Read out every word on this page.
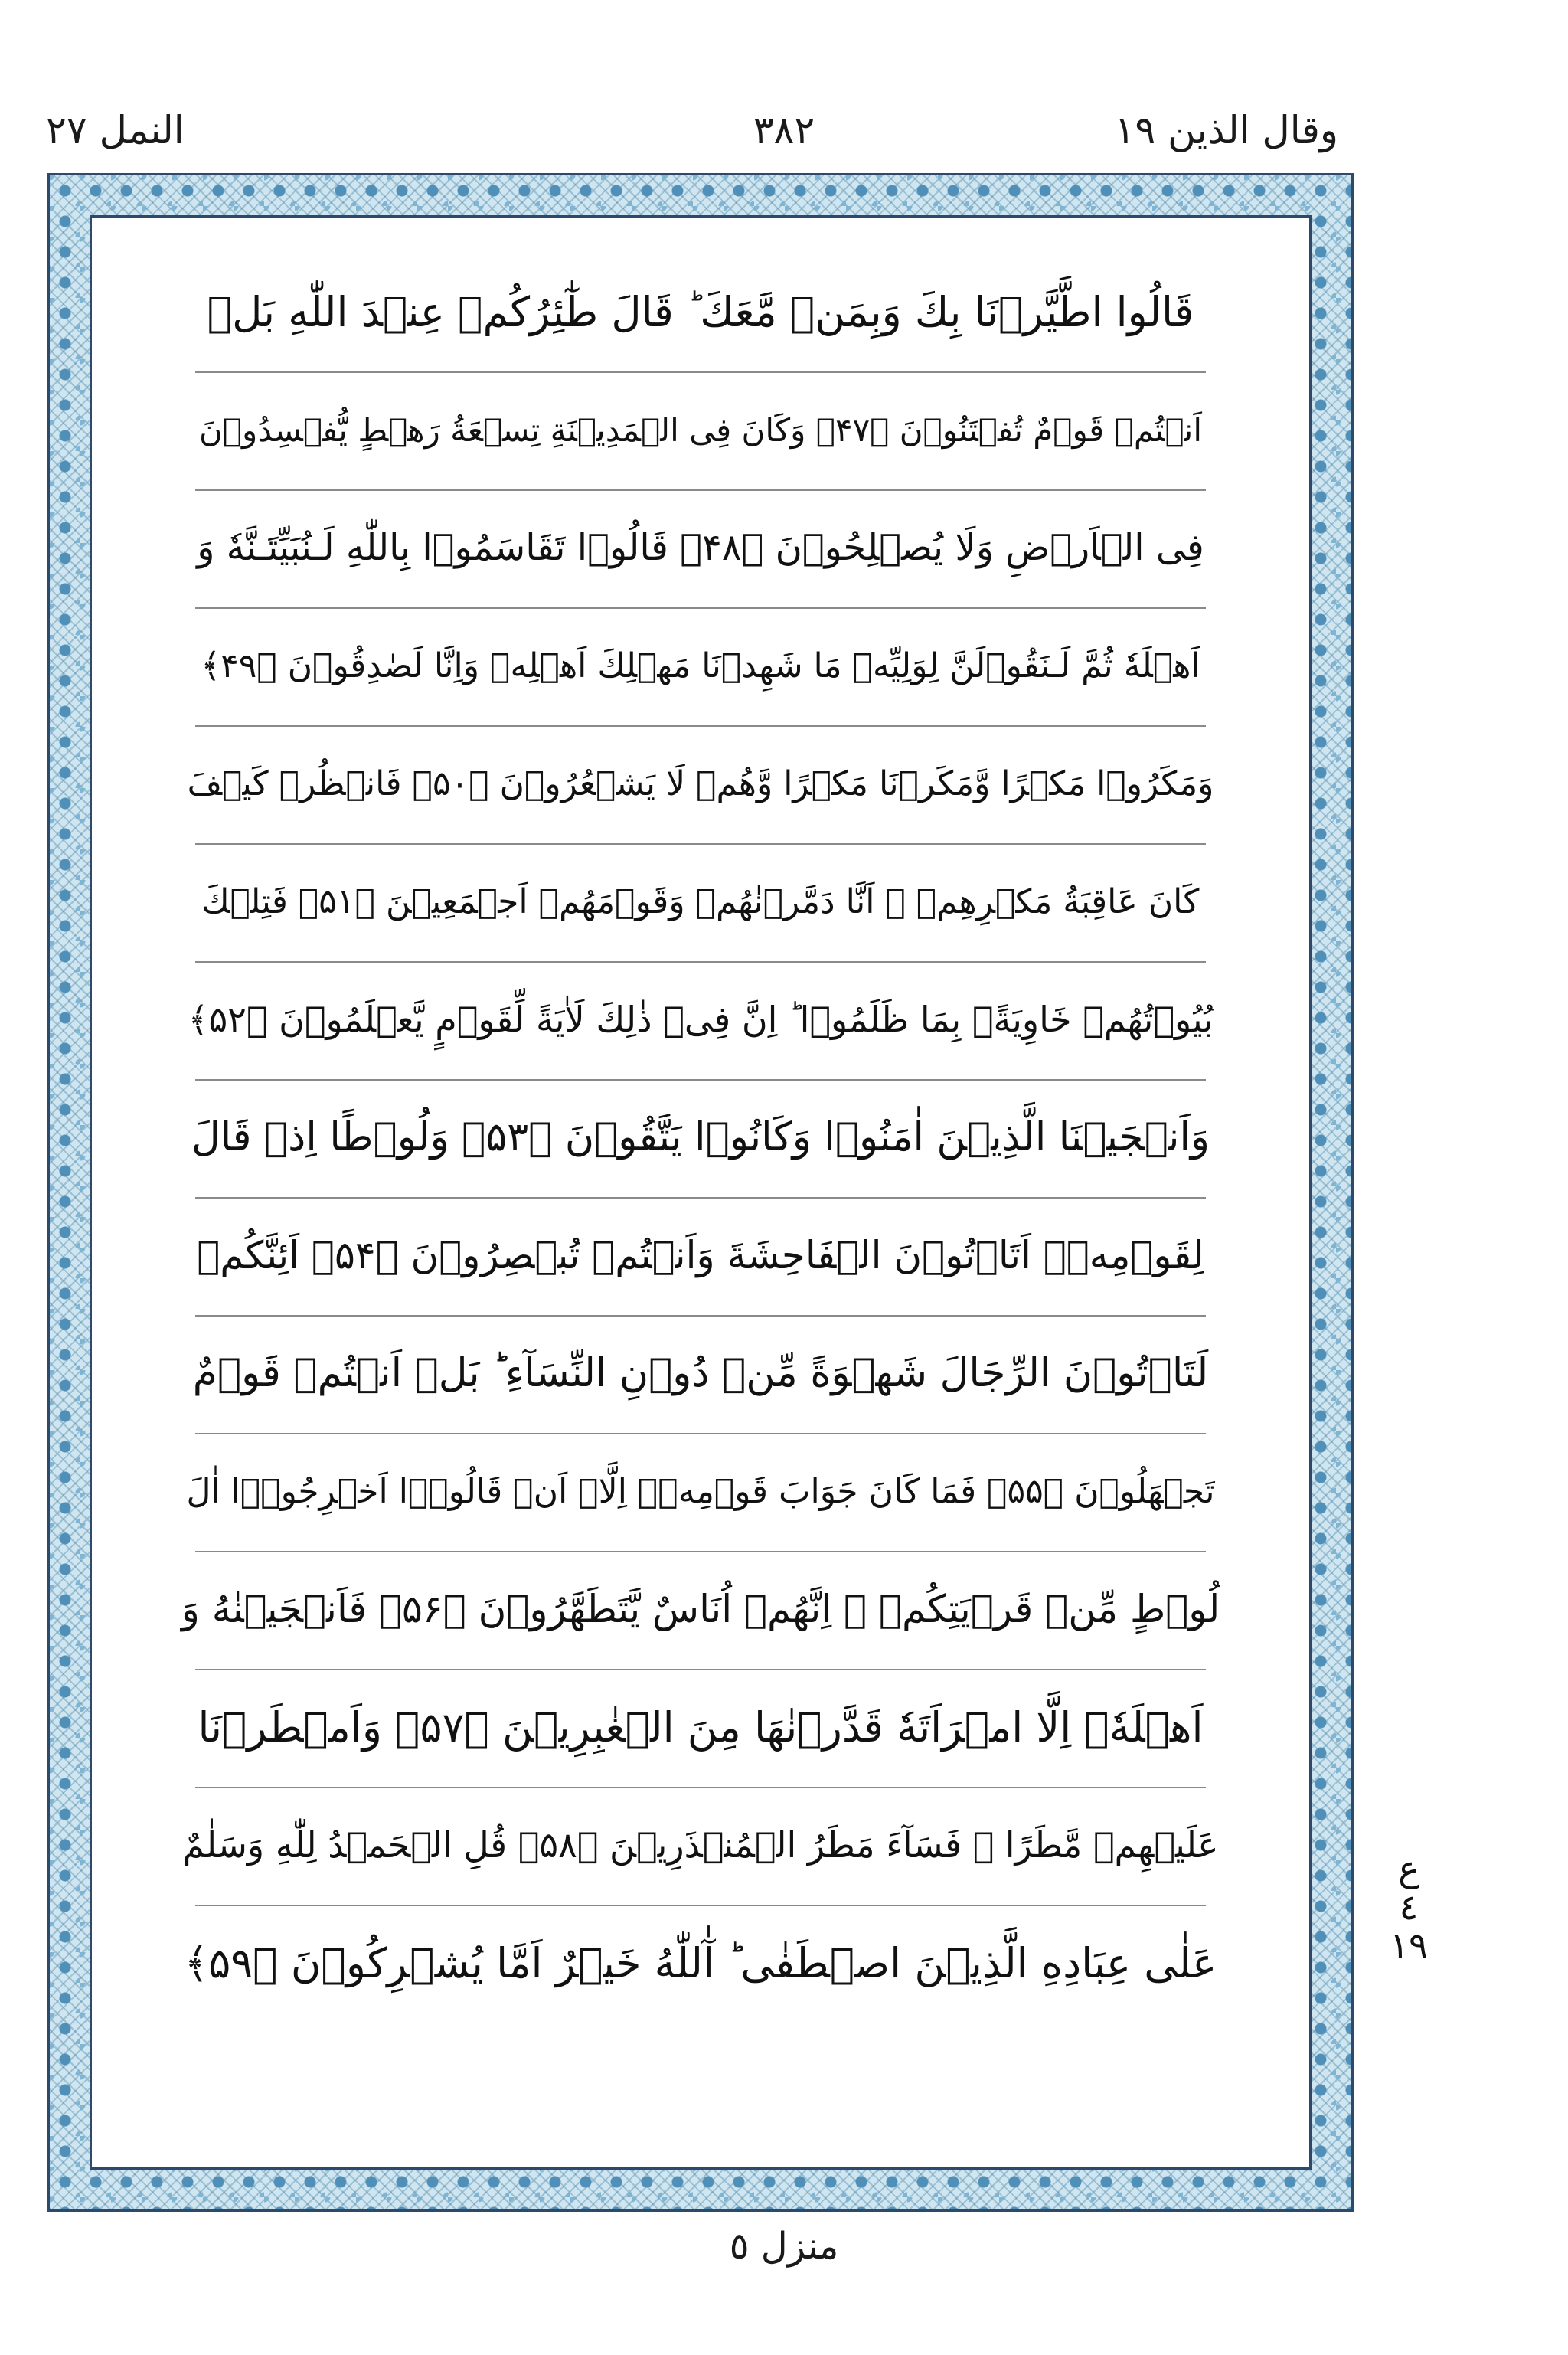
وقال الذين ١٩
٣٨٢
النمل ٢٧
قَالُوا اطَّيَّرۡنَا بِكَ وَبِمَنۡ مَّعَكَ ؕ قَالَ طٰٓئِرُكُمۡ عِنۡدَ اللّٰهِ بَلۡ
اَنۡتُمۡ قَوۡمٌ تُفۡتَنُوۡنَ ﴿۴۷﴾ وَكَانَ فِى الۡمَدِيۡنَةِ تِسۡعَةُ رَهۡطٍ يُّفۡسِدُوۡنَ
فِى الۡاَرۡضِ وَلَا يُصۡلِحُوۡنَ ﴿۴۸﴾ قَالُوۡا تَقَاسَمُوۡا بِاللّٰهِ لَـنُبَيِّتَـنَّهٗ وَ
اَهۡلَهٗ ثُمَّ لَـنَقُوۡلَنَّ لِوَلِيِّهٖ مَا شَهِدۡنَا مَهۡلِكَ اَهۡلِهٖ وَاِنَّا لَصٰدِقُوۡنَ ﴿۴۹﴾
وَمَكَرُوۡا مَكۡرًا وَّمَكَرۡنَا مَكۡرًا وَّهُمۡ لَا يَشۡعُرُوۡنَ ﴿۵۰﴾ فَانۡظُرۡ كَيۡفَ
كَانَ عَاقِبَةُ مَكۡرِهِمۡ ۙ اَنَّا دَمَّرۡنٰهُمۡ وَقَوۡمَهُمۡ اَجۡمَعِيۡنَ ﴿۵۱﴾ فَتِلۡكَ
بُيُوۡتُهُمۡ خَاوِيَةًۢ بِمَا ظَلَمُوۡا ؕ اِنَّ فِىۡ ذٰلِكَ لَاٰيَةً لِّقَوۡمٍ يَّعۡلَمُوۡنَ ﴿۵۲﴾
وَاَنۡجَيۡنَا الَّذِيۡنَ اٰمَنُوۡا وَكَانُوۡا يَتَّقُوۡنَ ﴿۵۳﴾ وَلُوۡطًا اِذۡ قَالَ
لِقَوۡمِهٖۤ اَتَاۡتُوۡنَ الۡفَاحِشَةَ وَاَنۡتُمۡ تُبۡصِرُوۡنَ ﴿۵۴﴾ اَئِنَّكُمۡ
لَتَاۡتُوۡنَ الرِّجَالَ شَهۡوَةً مِّنۡ دُوۡنِ النِّسَآءِ ؕ بَلۡ اَنۡتُمۡ قَوۡمٌ
تَجۡهَلُوۡنَ ﴿۵۵﴾ فَمَا كَانَ جَوَابَ قَوۡمِهٖۤ اِلَّاۤ اَنۡ قَالُوۡۤا اَخۡرِجُوۡۤا اٰلَ
لُوۡطٍ مِّنۡ قَرۡيَتِكُمۡ ۚ اِنَّهُمۡ اُنَاسٌ يَّتَطَهَّرُوۡنَ ﴿۵۶﴾ فَاَنۡجَيۡنٰهُ وَ
اَهۡلَهٗۤ اِلَّا امۡرَاَتَهٗ قَدَّرۡنٰهَا مِنَ الۡغٰبِرِيۡنَ ﴿۵۷﴾ وَاَمۡطَرۡنَا
عَلَيۡهِمۡ مَّطَرًا ۚ فَسَآءَ مَطَرُ الۡمُنۡذَرِيۡنَ ﴿۵۸﴾ قُلِ الۡحَمۡدُ لِلّٰهِ وَسَلٰمٌ
عَلٰى عِبَادِهِ الَّذِيۡنَ اصۡطَفٰى ؕ آٰللّٰهُ خَيۡرٌ اَمَّا يُشۡرِكُوۡنَ ﴿۵۹﴾
ع
٤
١٩
منزل ٥
